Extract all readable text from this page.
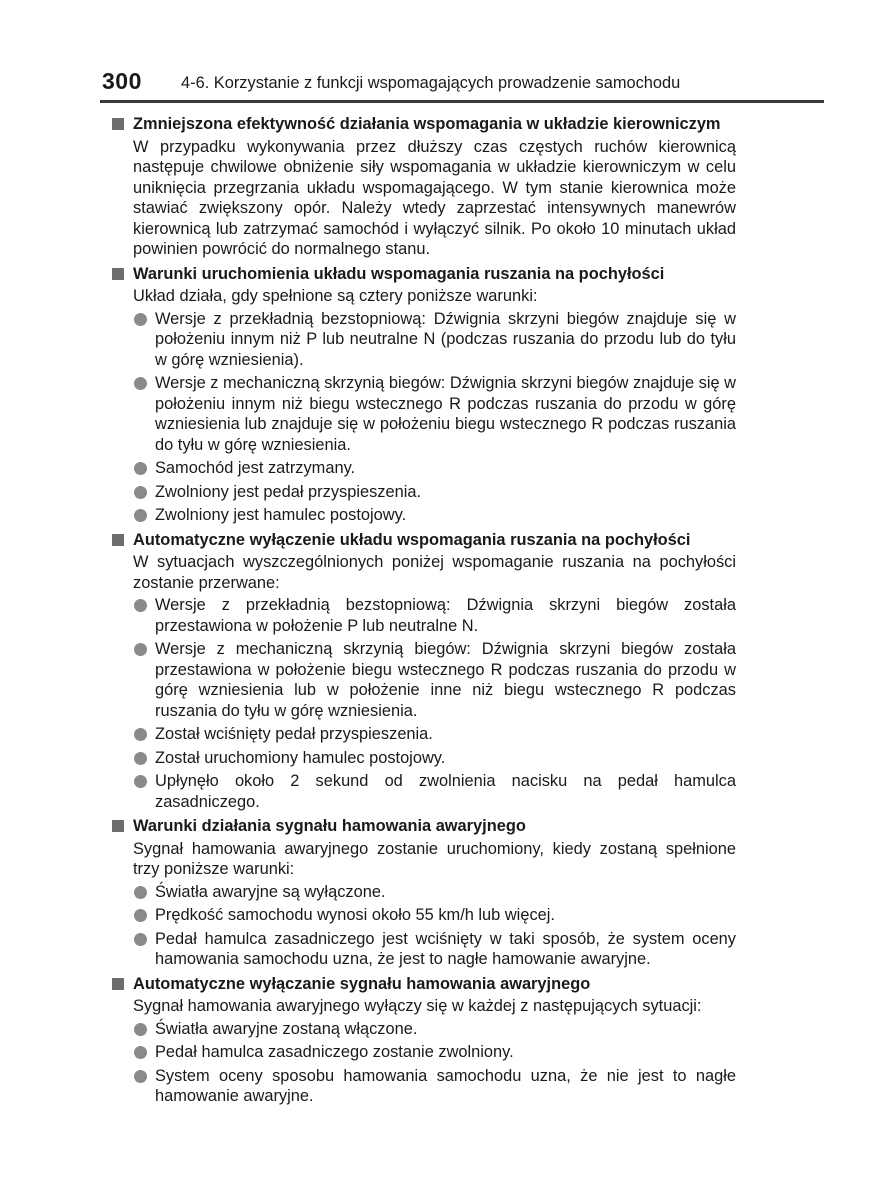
300 4-6. Korzystanie z funkcji wspomagających prowadzenie samochodu
Zmniejszona efektywność działania wspomagania w układzie kierowniczym
W przypadku wykonywania przez dłuższy czas częstych ruchów kierownicą następuje chwilowe obniżenie siły wspomagania w układzie kierowniczym w celu uniknięcia przegrzania układu wspomagającego. W tym stanie kierownica może stawiać zwiększony opór. Należy wtedy zaprzestać intensywnych manewrów kierownicą lub zatrzymać samochód i wyłączyć silnik. Po około 10 minutach układ powinien powrócić do normalnego stanu.
Warunki uruchomienia układu wspomagania ruszania na pochyłości
Układ działa, gdy spełnione są cztery poniższe warunki:
Wersje z przekładnią bezstopniową: Dźwignia skrzyni biegów znajduje się w położeniu innym niż P lub neutralne N (podczas ruszania do przodu lub do tyłu w górę wzniesienia).
Wersje z mechaniczną skrzynią biegów: Dźwignia skrzyni biegów znajduje się w położeniu innym niż biegu wstecznego R podczas ruszania do przodu w górę wzniesienia lub znajduje się w położeniu biegu wstecznego R podczas ruszania do tyłu w górę wzniesienia.
Samochód jest zatrzymany.
Zwolniony jest pedał przyspieszenia.
Zwolniony jest hamulec postojowy.
Automatyczne wyłączenie układu wspomagania ruszania na pochyłości
W sytuacjach wyszczególnionych poniżej wspomaganie ruszania na pochyłości zostanie przerwane:
Wersje z przekładnią bezstopniową: Dźwignia skrzyni biegów została przestawiona w położenie P lub neutralne N.
Wersje z mechaniczną skrzynią biegów: Dźwignia skrzyni biegów została przestawiona w położenie biegu wstecznego R podczas ruszania do przodu w górę wzniesienia lub w położenie inne niż biegu wstecznego R podczas ruszania do tyłu w górę wzniesienia.
Został wciśnięty pedał przyspieszenia.
Został uruchomiony hamulec postojowy.
Upłynęło około 2 sekund od zwolnienia nacisku na pedał hamulca zasadniczego.
Warunki działania sygnału hamowania awaryjnego
Sygnał hamowania awaryjnego zostanie uruchomiony, kiedy zostaną spełnione trzy poniższe warunki:
Światła awaryjne są wyłączone.
Prędkość samochodu wynosi około 55 km/h lub więcej.
Pedał hamulca zasadniczego jest wciśnięty w taki sposób, że system oceny hamowania samochodu uzna, że jest to nagłe hamowanie awaryjne.
Automatyczne wyłączanie sygnału hamowania awaryjnego
Sygnał hamowania awaryjnego wyłączy się w każdej z następujących sytuacji:
Światła awaryjne zostaną włączone.
Pedał hamulca zasadniczego zostanie zwolniony.
System oceny sposobu hamowania samochodu uzna, że nie jest to nagłe hamowanie awaryjne.
